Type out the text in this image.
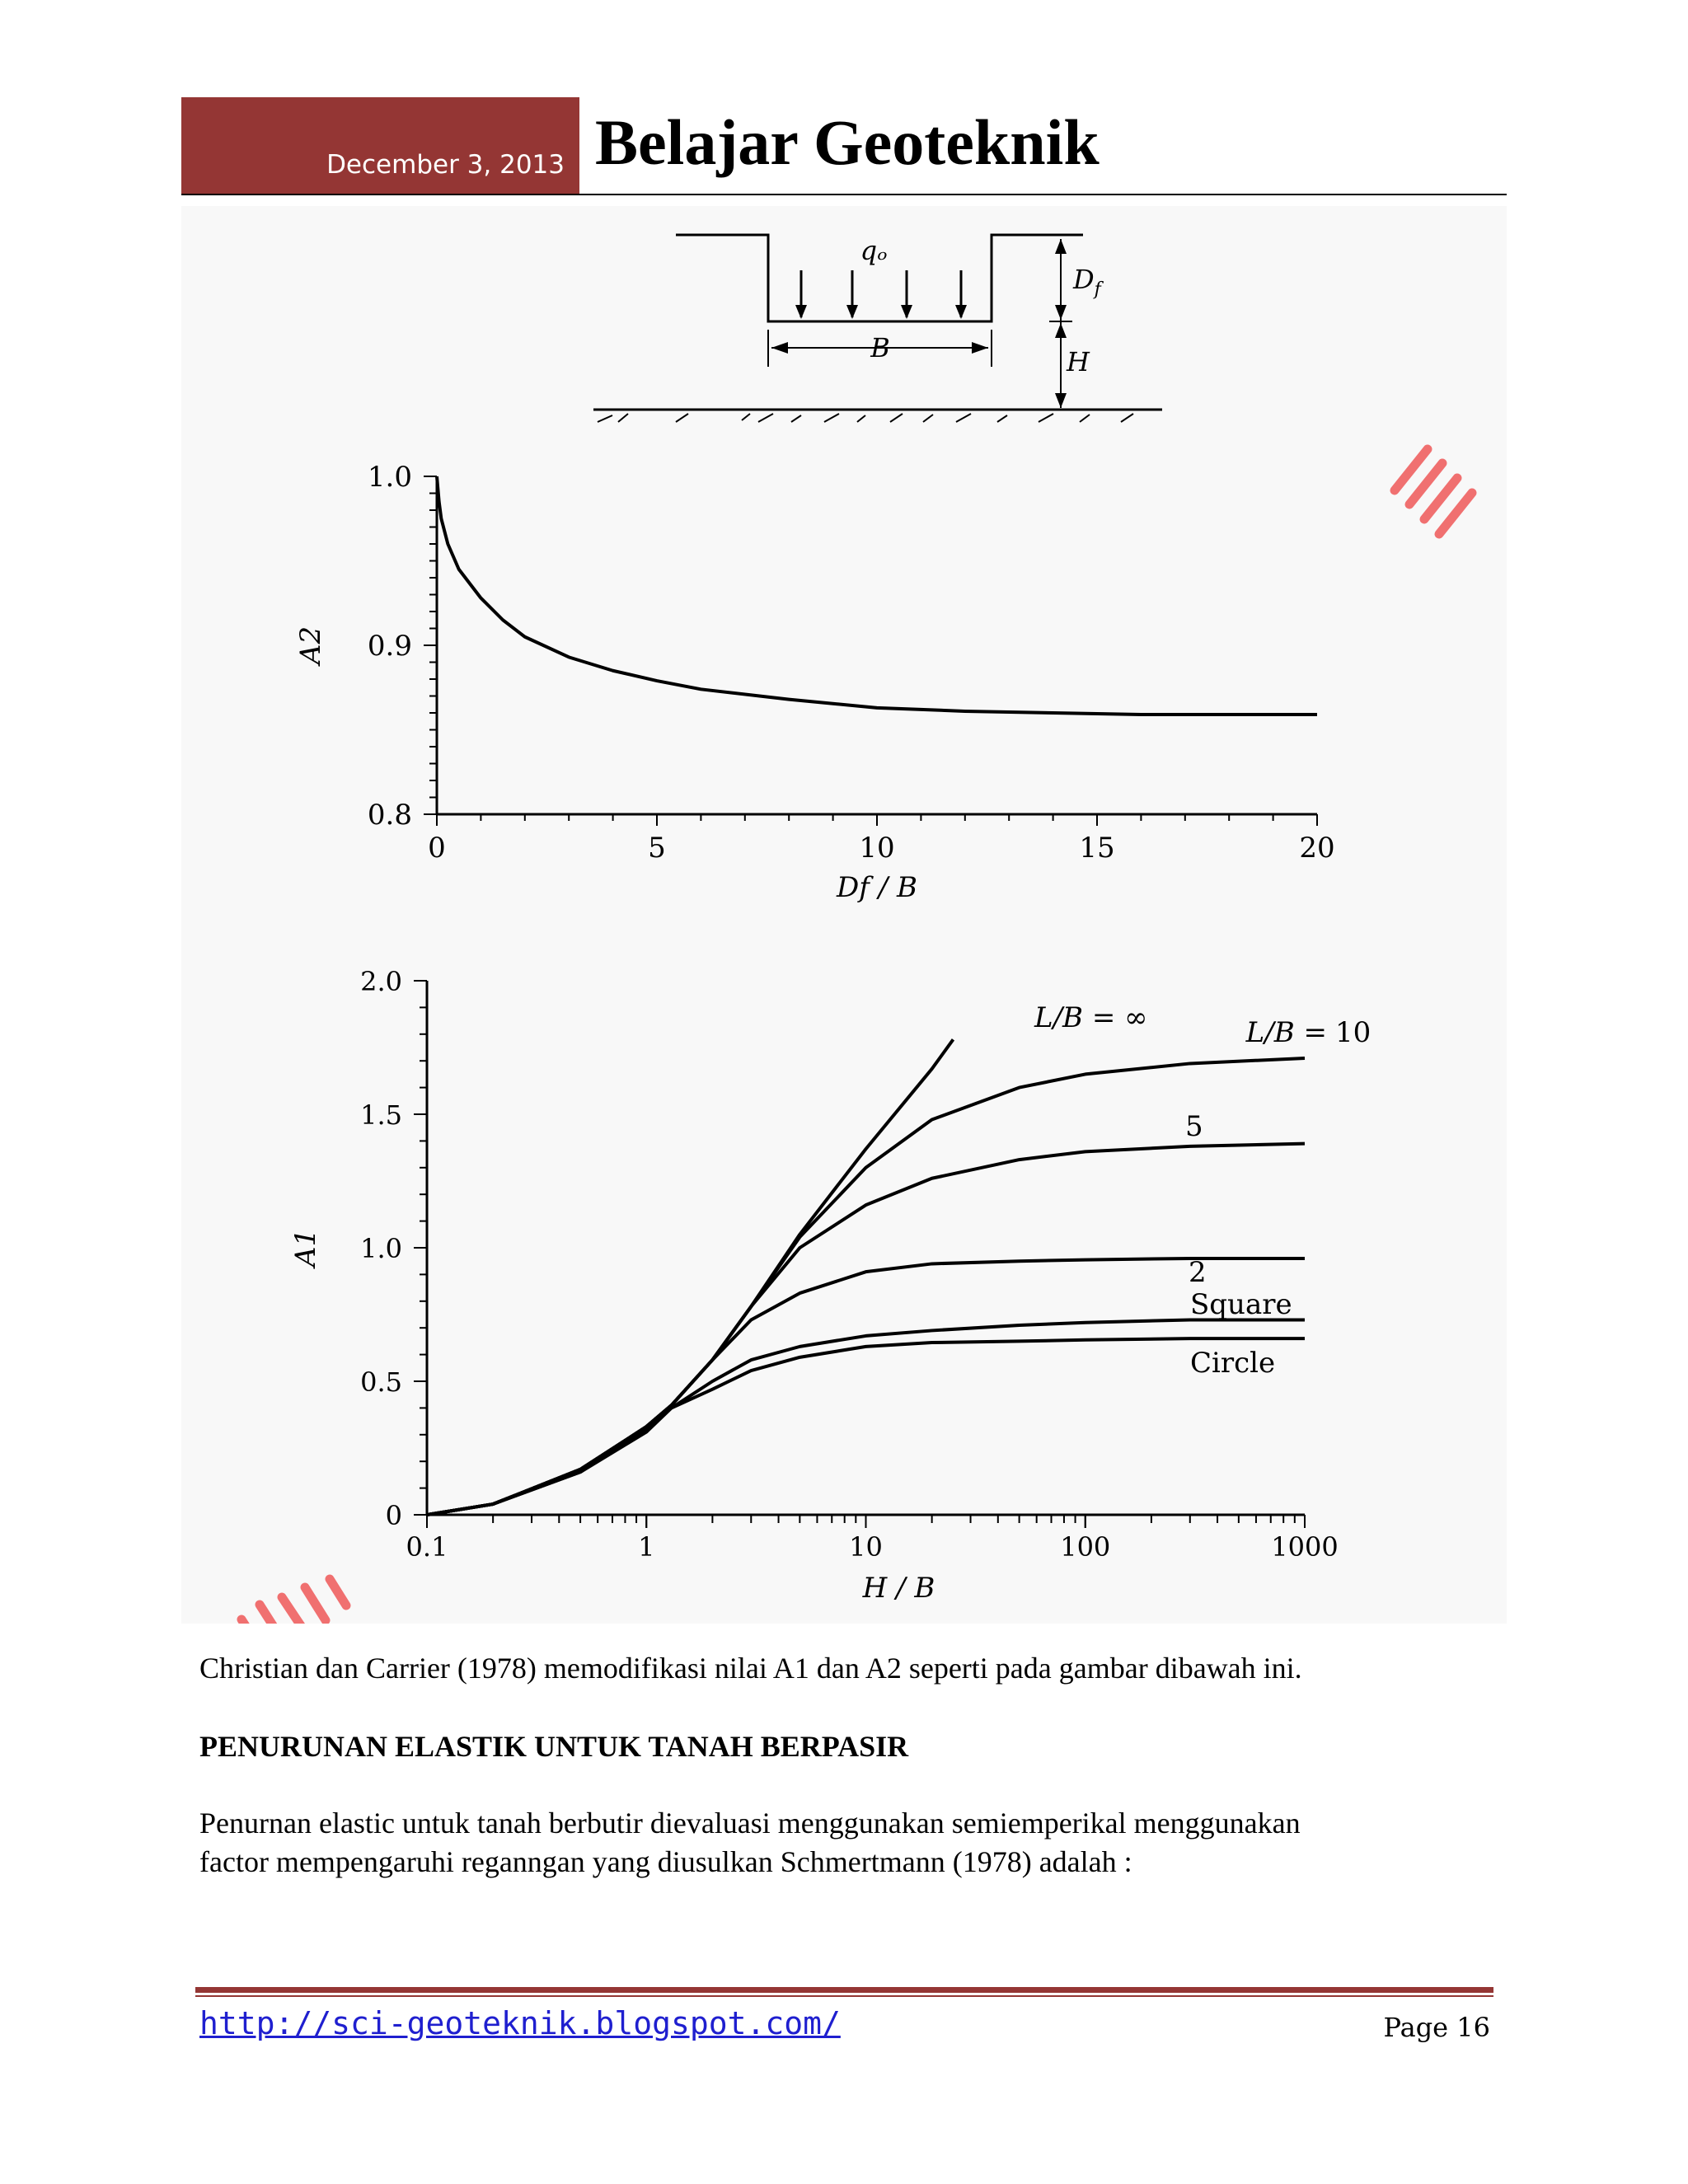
December 3, 2013 Belajar Geoteknik
qₒ
B
$D_f$
H
0	5	10	15	20
0.8
0.9
1.0
Df / B
A2
0.1	1	10	100	1000
0
0.5
1.0
1.5
2.0
H / B
A1
L/B = ∞	10
5
2
Square
Circle
L/B =
Christian dan Carrier (1978) memodifikasi nilai A1 dan A2 seperti pada gambar dibawah ini.
PENURUNAN ELASTIK UNTUK TANAH BERPASIR
Penurnan elastic untuk tanah berbutir dievaluasi menggunakan semiemperikal menggunakan
factor mempengaruhi reganngan yang diusulkan Schmertmann (1978) adalah :
http://sci-geoteknik.blogspot.com/	Page 16
